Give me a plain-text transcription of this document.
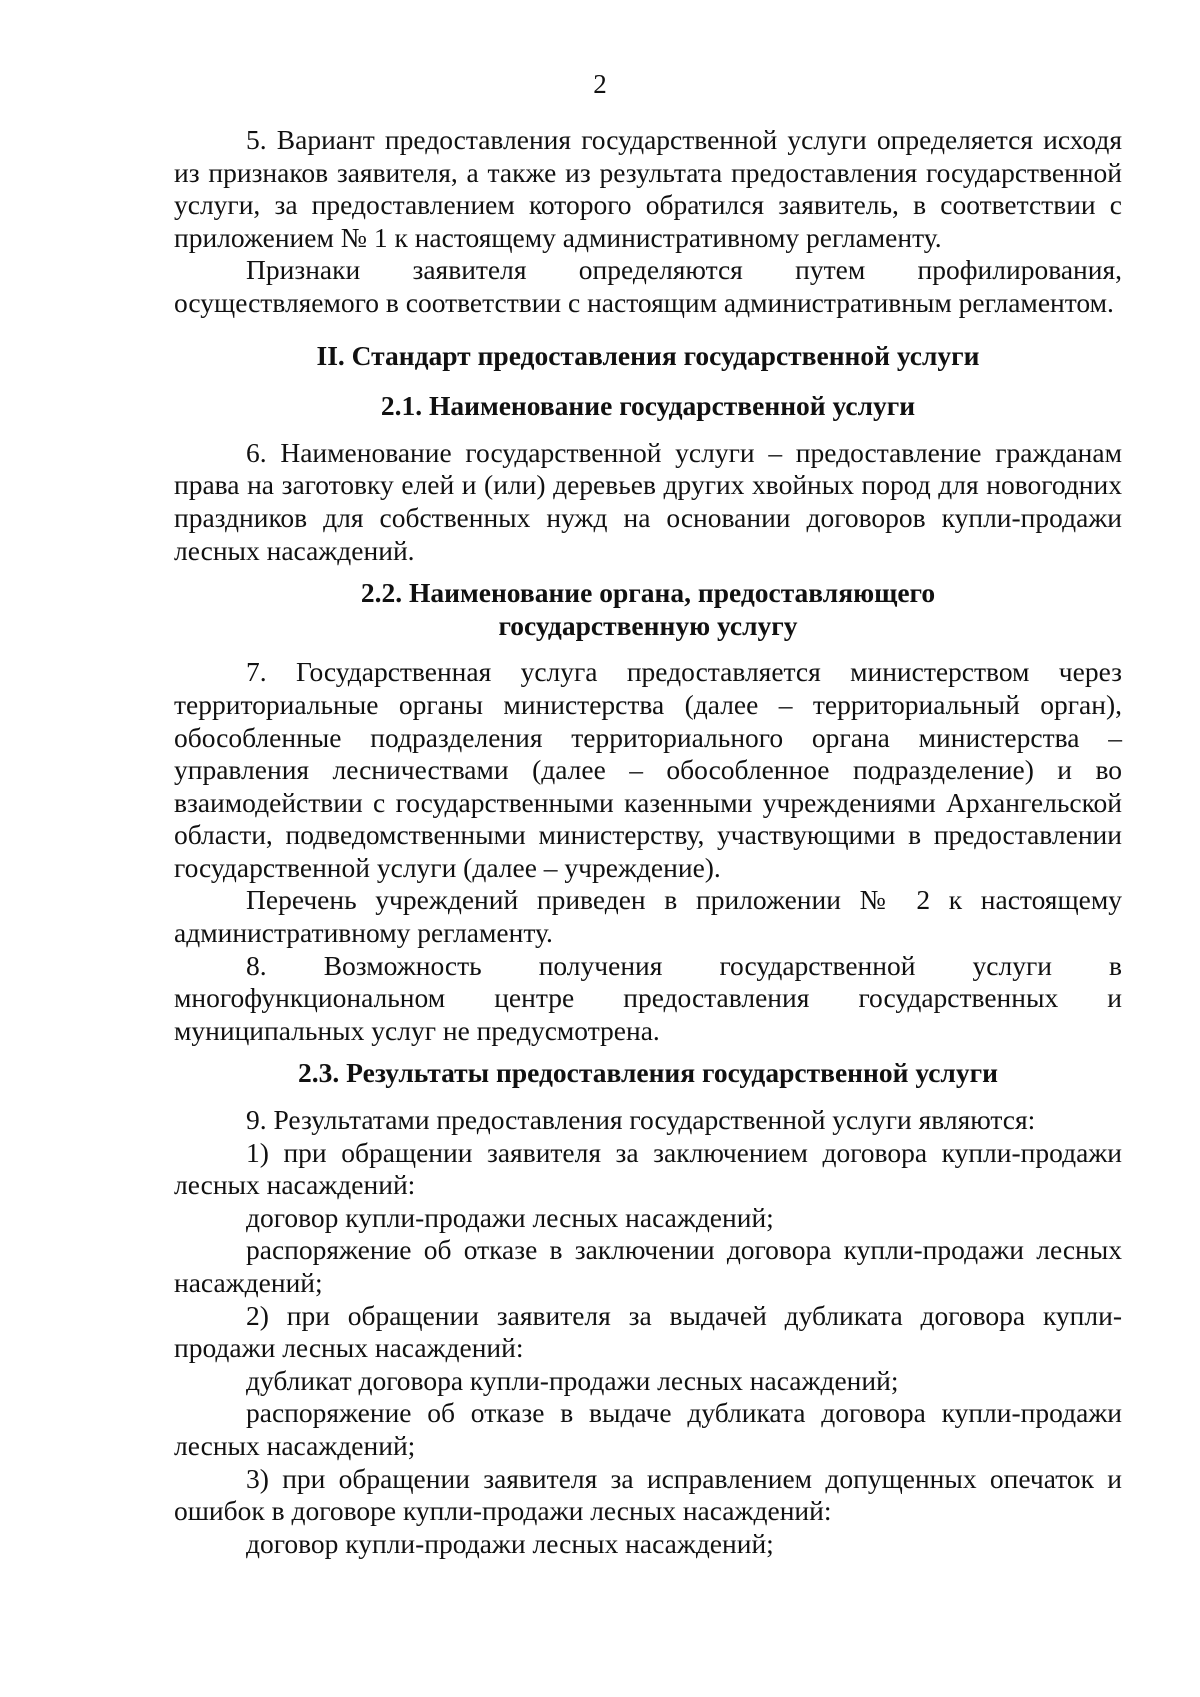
2

5. Вариант предоставления государственной услуги определяется исходя из признаков заявителя, а также из результата предоставления государственной услуги, за предоставлением которого обратился заявитель, в соответствии с приложением № 1 к настоящему административному регламенту.

Признаки заявителя определяются путем профилирования, осуществляемого в соответствии с настоящим административным регламентом.

II. Стандарт предоставления государственной услуги

2.1. Наименование государственной услуги

6. Наименование государственной услуги – предоставление гражданам права на заготовку елей и (или) деревьев других хвойных пород для новогодних праздников для собственных нужд на основании договоров купли-продажи лесных насаждений.

2.2. Наименование органа, предоставляющего
государственную услугу

7. Государственная услуга предоставляется министерством через территориальные органы министерства (далее – территориальный орган), обособленные подразделения территориального органа министерства – управления лесничествами (далее – обособленное подразделение) и во взаимодействии с государственными казенными учреждениями Архангельской области, подведомственными министерству, участвующими в предоставлении государственной услуги (далее – учреждение).

Перечень учреждений приведен в приложении № 2 к настоящему административному регламенту.

8. Возможность получения государственной услуги в многофункциональном центре предоставления государственных и муниципальных услуг не предусмотрена.

2.3. Результаты предоставления государственной услуги

9. Результатами предоставления государственной услуги являются:

1) при обращении заявителя за заключением договора купли-продажи лесных насаждений:

договор купли-продажи лесных насаждений;

распоряжение об отказе в заключении договора купли-продажи лесных насаждений;

2) при обращении заявителя за выдачей дубликата договора купли-продажи лесных насаждений:

дубликат договора купли-продажи лесных насаждений;

распоряжение об отказе в выдаче дубликата договора купли-продажи лесных насаждений;

3) при обращении заявителя за исправлением допущенных опечаток и ошибок в договоре купли-продажи лесных насаждений:

договор купли-продажи лесных насаждений;
